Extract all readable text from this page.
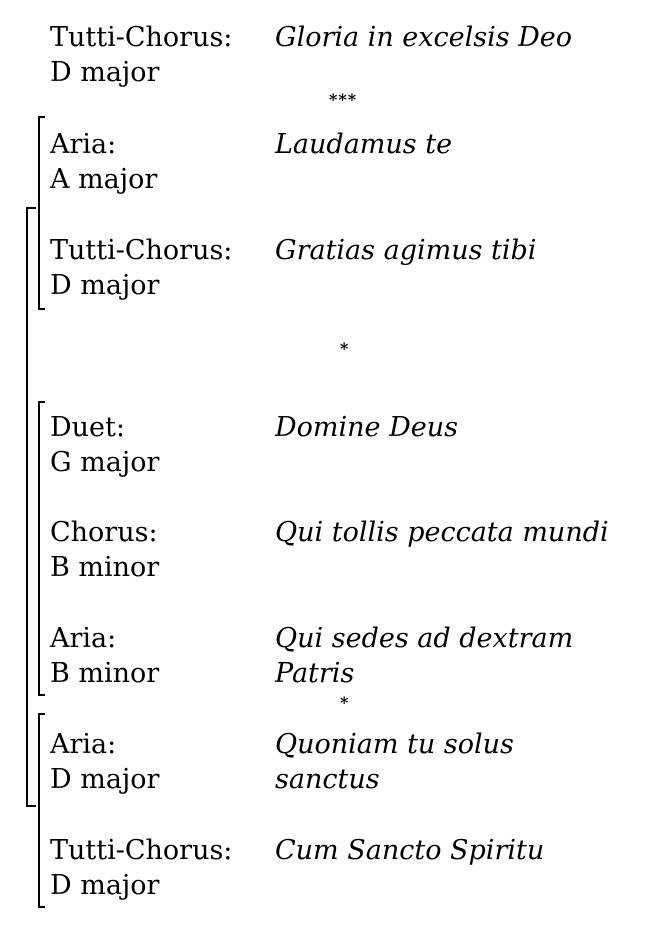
Tutti-Chorus:
D major
Gloria in excelsis Deo
***
Aria:
A major
Laudamus te
Tutti-Chorus:
D major
Gratias agimus tibi
*
Duet:
G major
Domine Deus
Chorus:
B minor
Qui tollis peccata mundi
Aria:
B minor
Qui sedes ad dextram
Patris
*
Aria:
D major
Quoniam tu solus
sanctus
Tutti-Chorus:
D major
Cum Sancto Spiritu
